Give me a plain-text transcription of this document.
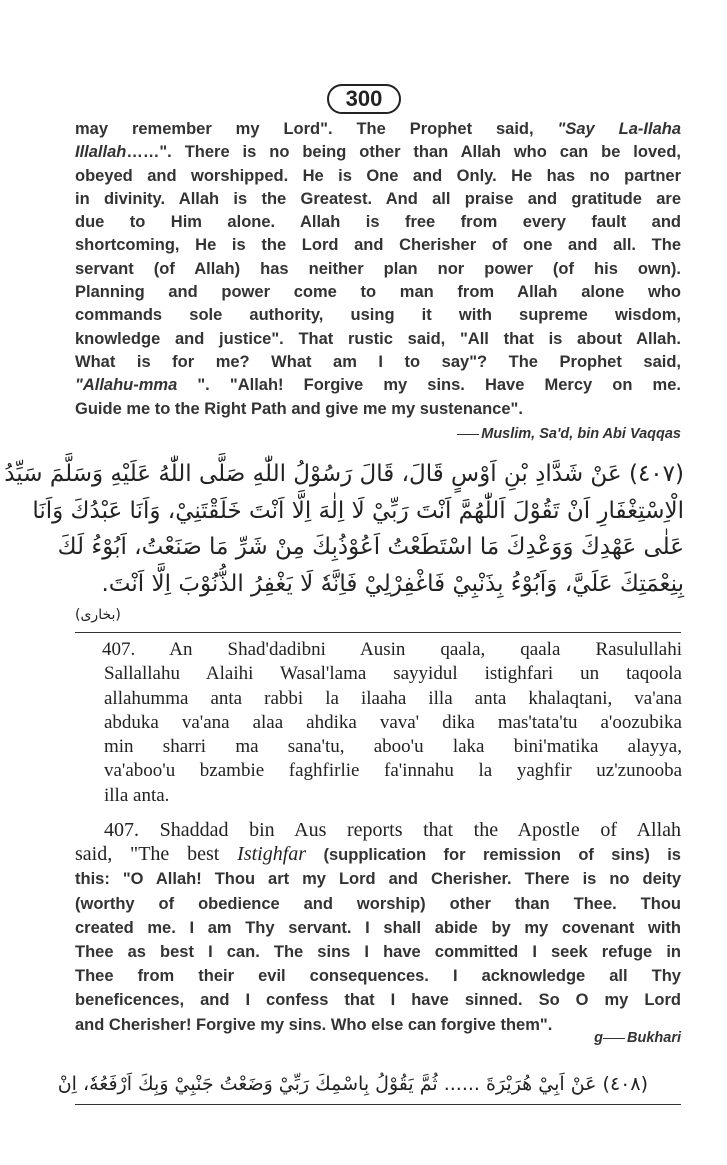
300
may remember my Lord". The Prophet said, "Say La-Ilaha
Illallah……". There is no being other than Allah who can be loved,
obeyed and worshipped. He is One and Only. He has no partner
in divinity. Allah is the Greatest. And all praise and gratitude are
due to Him alone. Allah is free from every fault and
shortcoming, He is the Lord and Cherisher of one and all. The
servant (of Allah) has neither plan nor power (of his own).
Planning and power come to man from Allah alone who
commands sole authority, using it with supreme wisdom,
knowledge and justice". That rustic said, "All that is about Allah.
What is for me? What am I to say"? The Prophet said,
"Allahu-mma ". "Allah! Forgive my sins. Have Mercy on me.
Guide me to the Right Path and give me my sustenance".
Muslim, Sa'd, bin Abi Vaqqas
(٤٠٧) عَنْ شَدَّادِ بْنِ اَوْسٍ قَالَ، قَالَ رَسُوْلُ اللّٰهِ صَلَّى اللّٰهُ عَلَيْهِ وَسَلَّمَ سَيِّدُ
الْاِسْتِغْفَارِ اَنْ تَقُوْلَ اَللّٰهُمَّ اَنْتَ رَبِّيْ لَا اِلٰهَ اِلَّا اَنْتَ خَلَقْتَنِيْ، وَاَنَا عَبْدُكَ وَاَنَا
عَلٰى عَهْدِكَ وَوَعْدِكَ مَا اسْتَطَعْتُ اَعُوْذُبِكَ مِنْ شَرِّ مَا صَنَعْتُ، اَبُوْءُ لَكَ
بِنِعْمَتِكَ عَلَيَّ، وَاَبُوْءُ بِذَنْبِيْ فَاغْفِرْلِيْ فَاِنَّهٗ لَا يَغْفِرُ الذُّنُوْبَ اِلَّا اَنْتَ.
(بخاری)
407. An Shad'dadibni Ausin qaala, qaala Rasulullahi
Sallallahu Alaihi Wasal'lama sayyidul istighfari un taqoola
allahumma anta rabbi la ilaaha illa anta khalaqtani, va'ana
abduka va'ana alaa ahdika vava' dika mas'tata'tu a'oozubika
min sharri ma sana'tu, aboo'u laka bini'matika alayya,
va'aboo'u bzambie faghfirlie fa'innahu la yaghfir uz'zunooba
illa anta.
407. Shaddad bin Aus reports that the Apostle of Allah
said, "The best Istighfar (supplication for remission of sins) is
this: "O Allah! Thou art my Lord and Cherisher. There is no deity
(worthy of obedience and worship) other than Thee. Thou
created me. I am Thy servant. I shall abide by my covenant with
Thee as best I can. The sins I have committed I seek refuge in
Thee from their evil consequences. I acknowledge all Thy
beneficences, and I confess that I have sinned. So O my Lord
and Cherisher! Forgive my sins. Who else can forgive them".
g Bukhari
(٤٠٨) عَنْ اَبِيْ هُرَيْرَةَ ...... ثُمَّ يَقُوْلُ بِاسْمِكَ رَبِّيْ وَضَعْتُ جَنْبِيْ وَبِكَ اَرْفَعُهٗ، اِنْ
